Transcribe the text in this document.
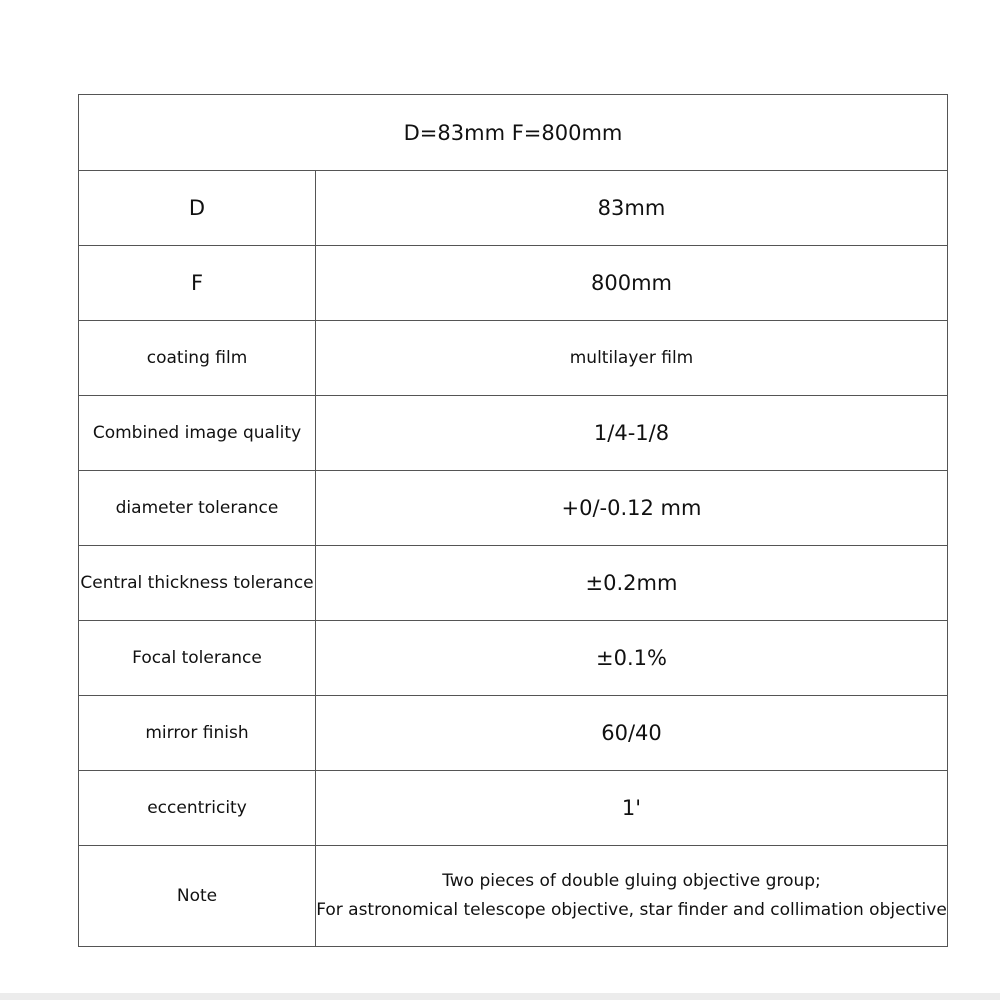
D=83mm F=800mm	
D	83mm
F	800mm
coating film	multilayer film
Combined image quality	1/4-1/8
diameter tolerance	+0/-0.12 mm
Central thickness tolerance	±0.2mm
Focal tolerance	±0.1%
mirror finish	60/40
eccentricity	1'
Note	Two pieces of double gluing objective group;
For astronomical telescope objective, star finder and collimation objective
